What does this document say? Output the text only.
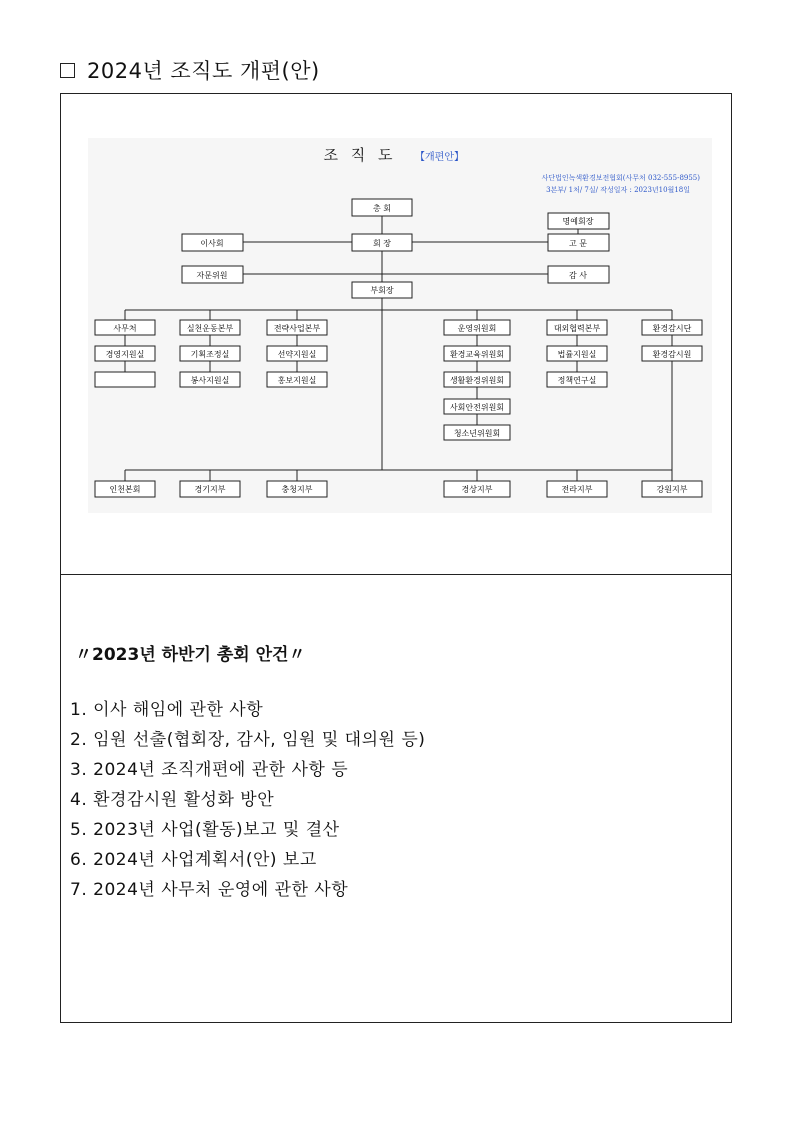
2024년 조직도 개편(안)
조 직 도 【개편안】
사단법인녹색환경보전협회(사무처 032-555-8955)
3본부/ 1처/ 7실/ 작성일자 : 2023년10월18일
총 회
회 장
이사회
자문위원
명예회장
고 문
감 사
부회장
사무처
경영지원실
실천운동본부
기획조정실
봉사지원실
전략사업본부
선약지원실
홍보지원실
운영위원회
환경교육위원회
생활환경위원회
사회안전위원회
청소년위원회
대외협력본부
법률지원실
정책연구실
환경감시단
환경감시원
인천본회	경기지부	충청지부	경상지부	전라지부	강원지부
〃2023년 하반기 총회 안건〃
1. 이사 해임에 관한 사항
2. 임원 선출(협회장, 감사, 임원 및 대의원 등)
3. 2024년 조직개편에 관한 사항 등
4. 환경감시원 활성화 방안
5. 2023년 사업(활동)보고 및 결산
6. 2024년 사업계획서(안) 보고
7. 2024년 사무처 운영에 관한 사항
